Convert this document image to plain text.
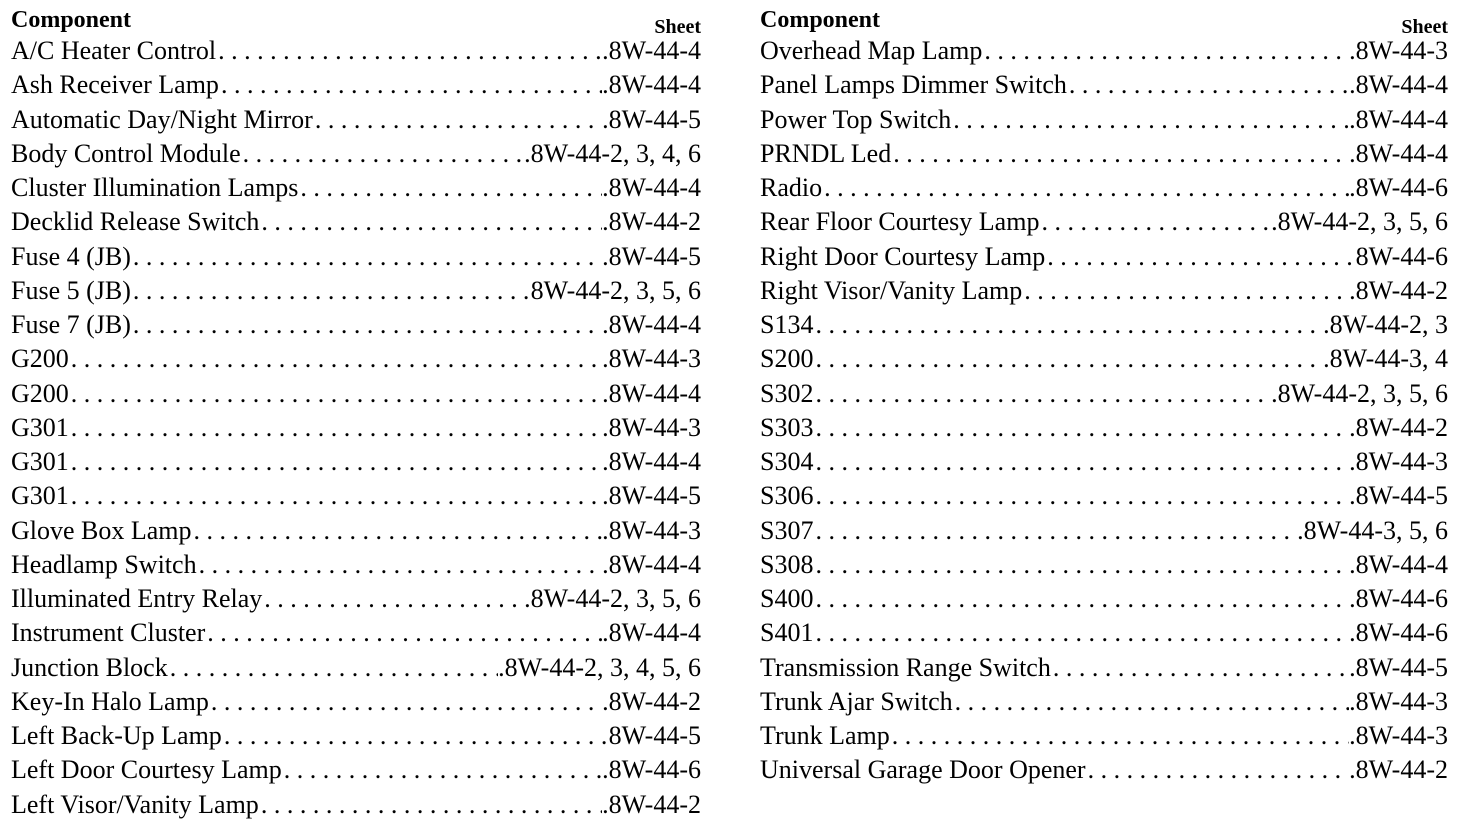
Component	Sheet
A/C Heater Control . . .	.8W-44-4
Ash Receiver Lamp . . .	.8W-44-4
Automatic Day/Night Mirror . . .	.8W-44-5
Body Control Module . . .	.8W-44-2, 3, 4, 6
Cluster Illumination Lamps . . .	.8W-44-4
Decklid Release Switch . . .	.8W-44-2
Fuse 4 (JB) . . .	.8W-44-5
Fuse 5 (JB) . . .	8W-44-2, 3, 5, 6
Fuse 7 (JB) . . .	.8W-44-4
G200 . . .	.8W-44-3
G200 . . .	.8W-44-4
G301 . . .	.8W-44-3
G301 . . .	.8W-44-4
G301 . . .	.8W-44-5
Glove Box Lamp . . .	.8W-44-3
Headlamp Switch . . .	.8W-44-4
Illuminated Entry Relay . . .	.8W-44-2, 3, 5, 6
Instrument Cluster . . .	.8W-44-4
Junction Block . . .	.8W-44-2, 3, 4, 5, 6
Key-In Halo Lamp . . .	.8W-44-2
Left Back-Up Lamp . . .	8W-44-5
Left Door Courtesy Lamp . . .	.8W-44-6
Left Visor/Vanity Lamp . . .	.8W-44-2
Component	Sheet
Overhead Map Lamp . . .	.8W-44-3
Panel Lamps Dimmer Switch . . .	.8W-44-4
Power Top Switch . . .	.8W-44-4
PRNDL Led . . .	.8W-44-4
Radio . . .	.8W-44-6
Rear Floor Courtesy Lamp . . .	.8W-44-2, 3, 5, 6
Right Door Courtesy Lamp . . .	8W-44-6
Right Visor/Vanity Lamp . . .	.8W-44-2
S134 . . .	.8W-44-2, 3
S200 . . .	.8W-44-3, 4
S302 . . .	.8W-44-2, 3, 5, 6
S303 . . .	.8W-44-2
S304 . . .	.8W-44-3
S306 . . .	.8W-44-5
S307 . . .	.8W-44-3, 5, 6
S308 . . .	.8W-44-4
S400 . . .	.8W-44-6
S401 . . .	.8W-44-6
Transmission Range Switch . . .	.8W-44-5
Trunk Ajar Switch . . .	.8W-44-3
Trunk Lamp . . .	.8W-44-3
Universal Garage Door Opener . . .	.8W-44-2
